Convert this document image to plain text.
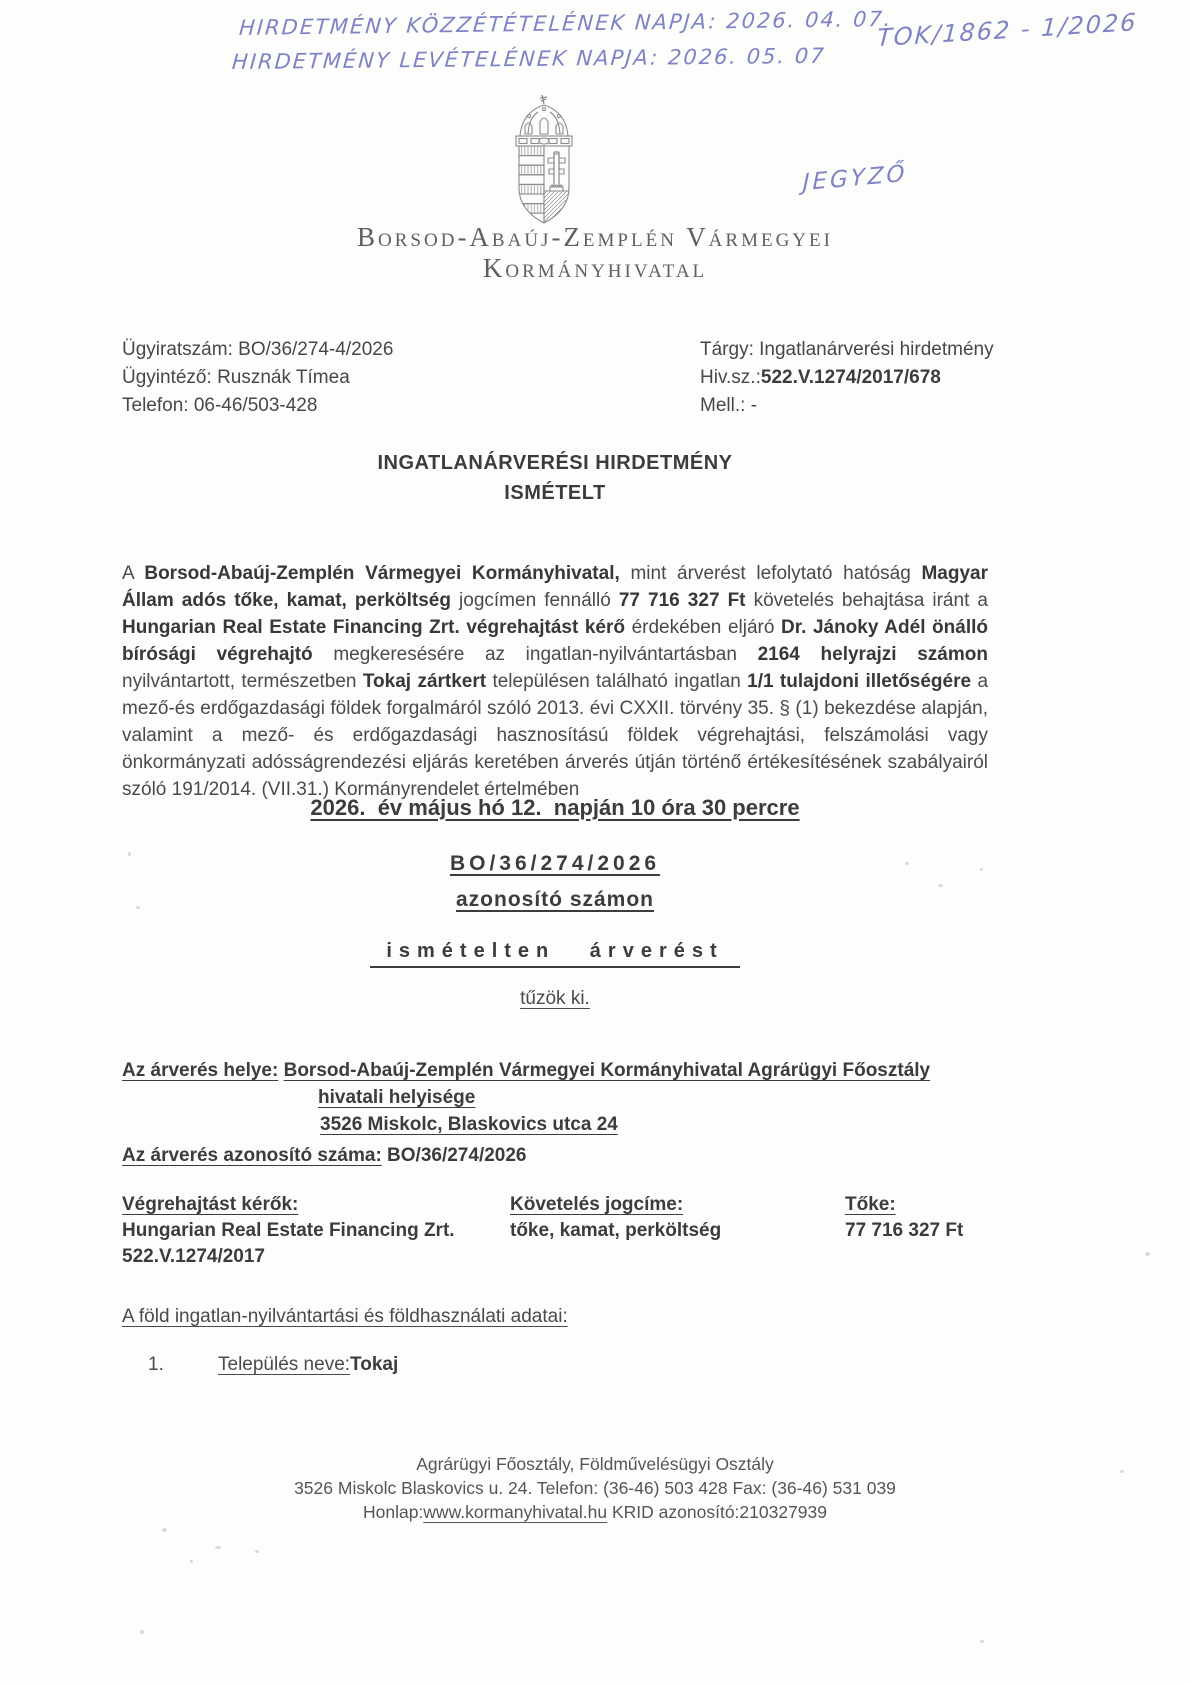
HIRDETMÉNY KÖZZÉTÉTELÉNEK NAPJA: 2026. 04. 07.
HIRDETMÉNY LEVÉTELÉNEK NAPJA: 2026. 05. 07
TOK/1862 - 1/2026
JEGYZŐ
Borsod-Abaúj-Zemplén Vármegyei
Kormányhivatal
Ügyiratszám: BO/36/274-4/2026
Ügyintéző: Rusznák Tímea
Telefon: 06-46/503-428
Tárgy: Ingatlanárverési hirdetmény
Hiv.sz.:522.V.1274/2017/678
Mell.: -
INGATLANÁRVERÉSI HIRDETMÉNY
ISMÉTELT

A Borsod-Abaúj-Zemplén Vármegyei Kormányhivatal, mint árverést lefolytató hatóság Magyar Állam adós tőke, kamat, perköltség jogcímen fennálló 77 716 327 Ft követelés behajtása iránt a Hungarian Real Estate Financing Zrt. végrehajtást kérő érdekében eljáró Dr. Jánoky Adél önálló bírósági végrehajtó megkeresésére az ingatlan-nyilvántartásban 2164 helyrajzi számon nyilvántartott, természetben Tokaj zártkert településen található ingatlan 1/1 tulajdoni illetőségére a mező-és erdőgazdasági földek forgalmáról szóló 2013. évi CXXII. törvény 35. § (1) bekezdése alapján, valamint a mező- és erdőgazdasági hasznosítású földek végrehajtási, felszámolási vagy önkormányzati adósságrendezési eljárás keretében árverés útján történő értékesítésének szabályairól szóló 191/2014. (VII.31.) Kormányrendelet értelmében

2026.  év május hó 12.  napján 10 óra 30 percre
BO/36/274/2026
azonosító számon
ismételten árverést
tűzök ki.
Az árverés helye: Borsod-Abaúj-Zemplén Vármegyei Kormányhivatal Agrárügyi Főosztály
hivatali helyisége
3526 Miskolc, Blaskovics utca 24
Az árverés azonosító száma: BO/36/274/2026
Végrehajtást kérők:
Hungarian Real Estate Financing Zrt.
522.V.1274/2017
Követelés jogcíme:
tőke, kamat, perköltség
Tőke:
77 716 327 Ft
A föld ingatlan-nyilvántartási és földhasználati adatai:
1.	Település neve:Tokaj
Agrárügyi Főosztály, Földművelésügyi Osztály
3526 Miskolc Blaskovics u. 24. Telefon: (36-46) 503 428 Fax: (36-46) 531 039
Honlap:www.kormanyhivatal.hu KRID azonosító:210327939
